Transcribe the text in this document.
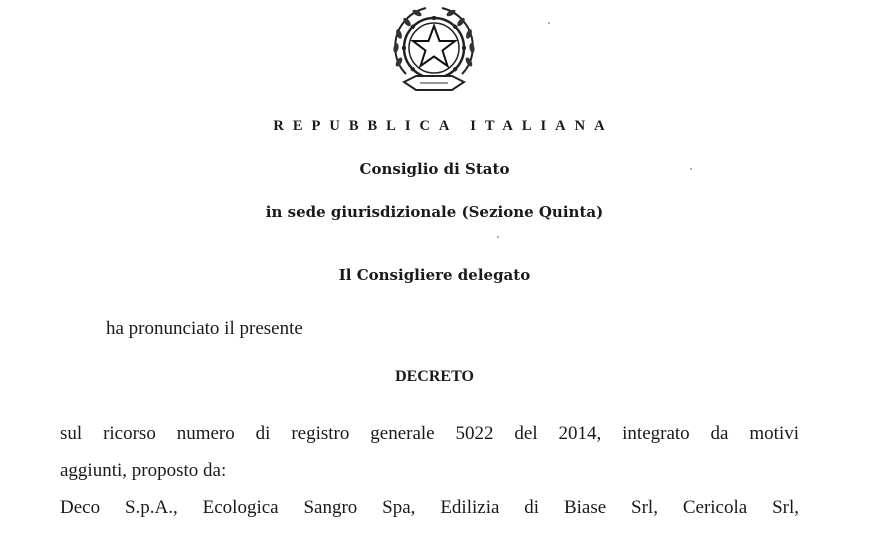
REPUBBLICA ITALIANA
Consiglio di Stato
in sede giurisdizionale (Sezione Quinta)
Il Consigliere delegato
ha pronunciato il presente
DECRETO
sul ricorso numero di registro generale 5022 del 2014, integrato da motivi
aggiunti, proposto da:
Deco S.p.A., Ecologica Sangro Spa, Edilizia di Biase Srl, Cericola Srl,
